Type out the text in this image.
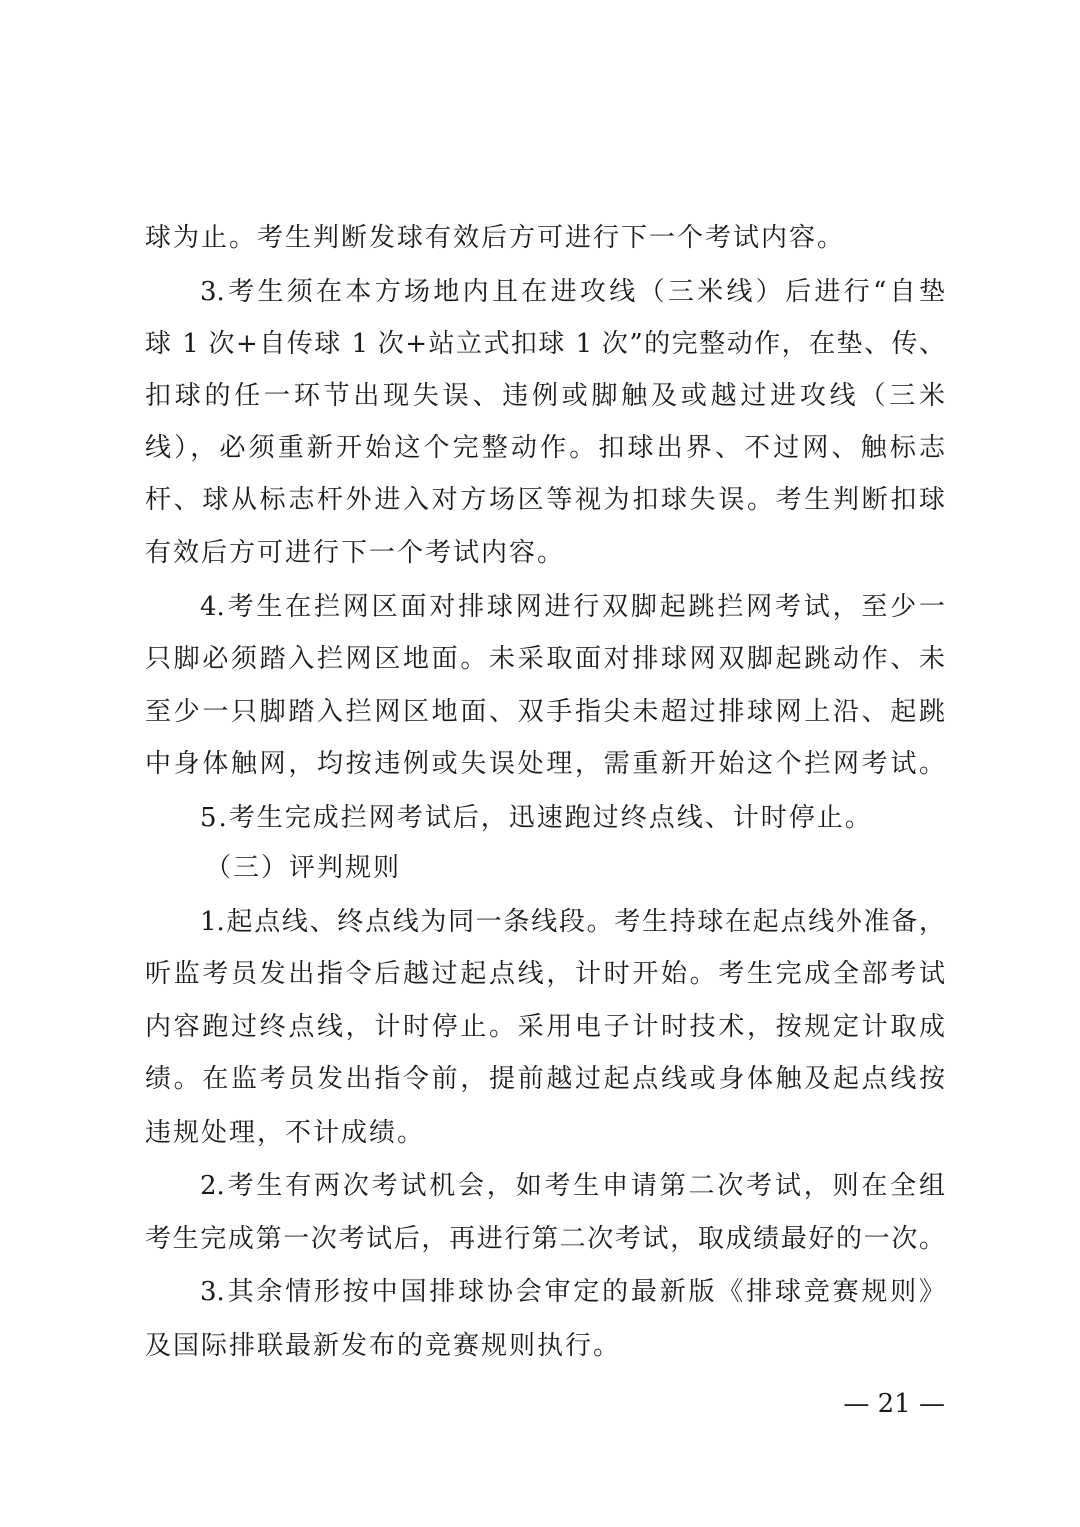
球为止。考生判断发球有效后方可进行下一个考试内容。
3.考生须在本方场地内且在进攻线（三米线）后进行“自垫
球 1 次+自传球 1 次+站立式扣球 1 次”的完整动作，在垫、传、
扣球的任一环节出现失误、违例或脚触及或越过进攻线（三米
线），必须重新开始这个完整动作。扣球出界、不过网、触标志
杆、球从标志杆外进入对方场区等视为扣球失误。考生判断扣球
有效后方可进行下一个考试内容。
4.考生在拦网区面对排球网进行双脚起跳拦网考试，至少一
只脚必须踏入拦网区地面。未采取面对排球网双脚起跳动作、未
至少一只脚踏入拦网区地面、双手指尖未超过排球网上沿、起跳
中身体触网，均按违例或失误处理，需重新开始这个拦网考试。
5.考生完成拦网考试后，迅速跑过终点线、计时停止。
（三）评判规则
1.起点线、终点线为同一条线段。考生持球在起点线外准备，
听监考员发出指令后越过起点线，计时开始。考生完成全部考试
内容跑过终点线，计时停止。采用电子计时技术，按规定计取成
绩。在监考员发出指令前，提前越过起点线或身体触及起点线按
违规处理，不计成绩。
2.考生有两次考试机会，如考生申请第二次考试，则在全组
考生完成第一次考试后，再进行第二次考试，取成绩最好的一次。
3.其余情形按中国排球协会审定的最新版《排球竞赛规则》
及国际排联最新发布的竞赛规则执行。
— 21 —
